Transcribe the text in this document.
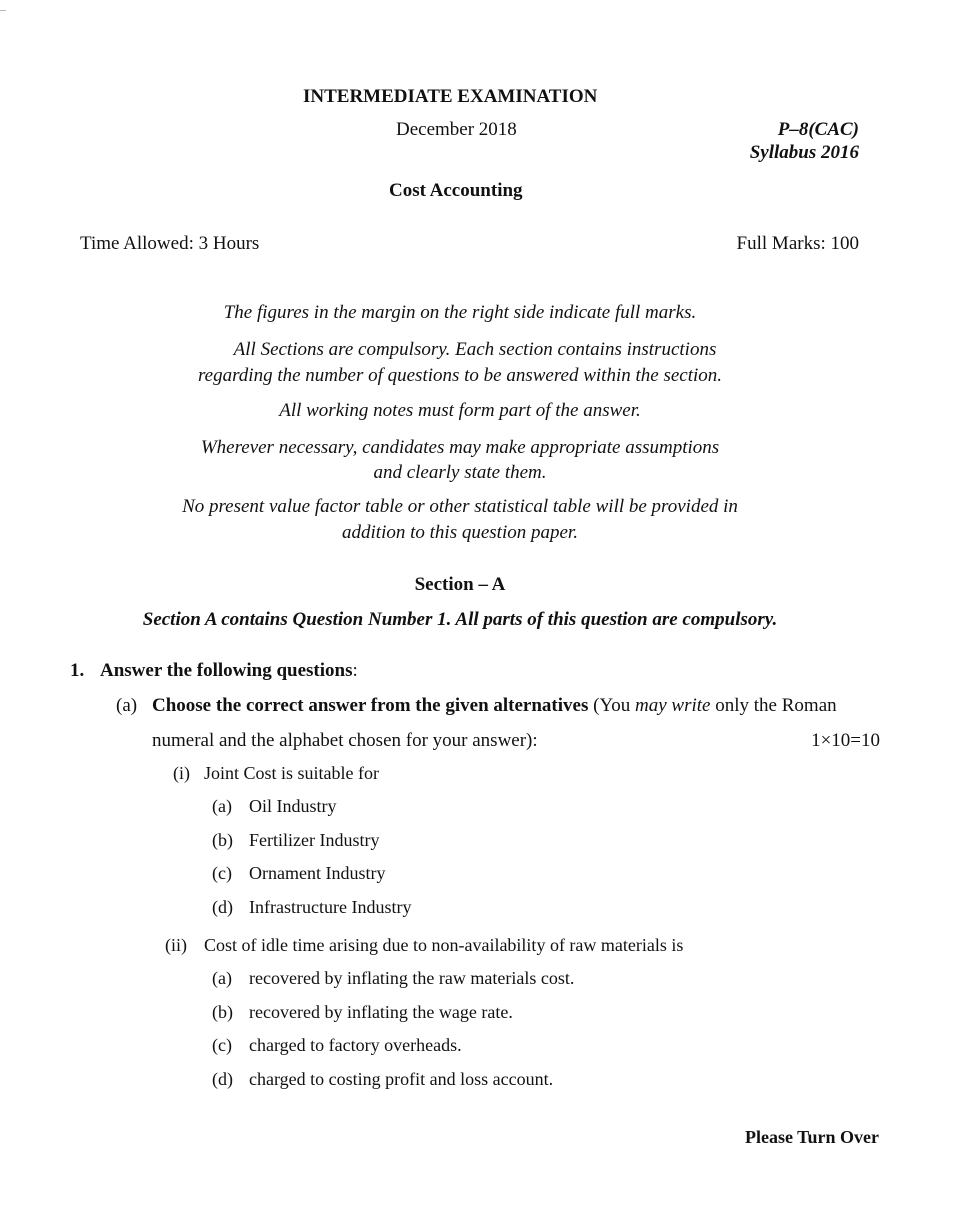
INTERMEDIATE EXAMINATION
December 2018	P–8(CAC)
Syllabus 2016
Cost Accounting
Time Allowed: 3 Hours	Full Marks: 100
The figures in the margin on the right side indicate full marks.
All Sections are compulsory. Each section contains instructions
regarding the number of questions to be answered within the section.
All working notes must form part of the answer.
Wherever necessary, candidates may make appropriate assumptions
and clearly state them.
No present value factor table or other statistical table will be provided in
addition to this question paper.
Section – A
Section A contains Question Number 1. All parts of this question are compulsory.
1. Answer the following questions:
(a) Choose the correct answer from the given alternatives (You may write only the Roman
numeral and the alphabet chosen for your answer):	1×10=10
(i) Joint Cost is suitable for
(a) Oil Industry
(b) Fertilizer Industry
(c) Ornament Industry
(d) Infrastructure Industry
(ii) Cost of idle time arising due to non-availability of raw materials is
(a) recovered by inflating the raw materials cost.
(b) recovered by inflating the wage rate.
(c) charged to factory overheads.
(d) charged to costing profit and loss account.
Please Turn Over
